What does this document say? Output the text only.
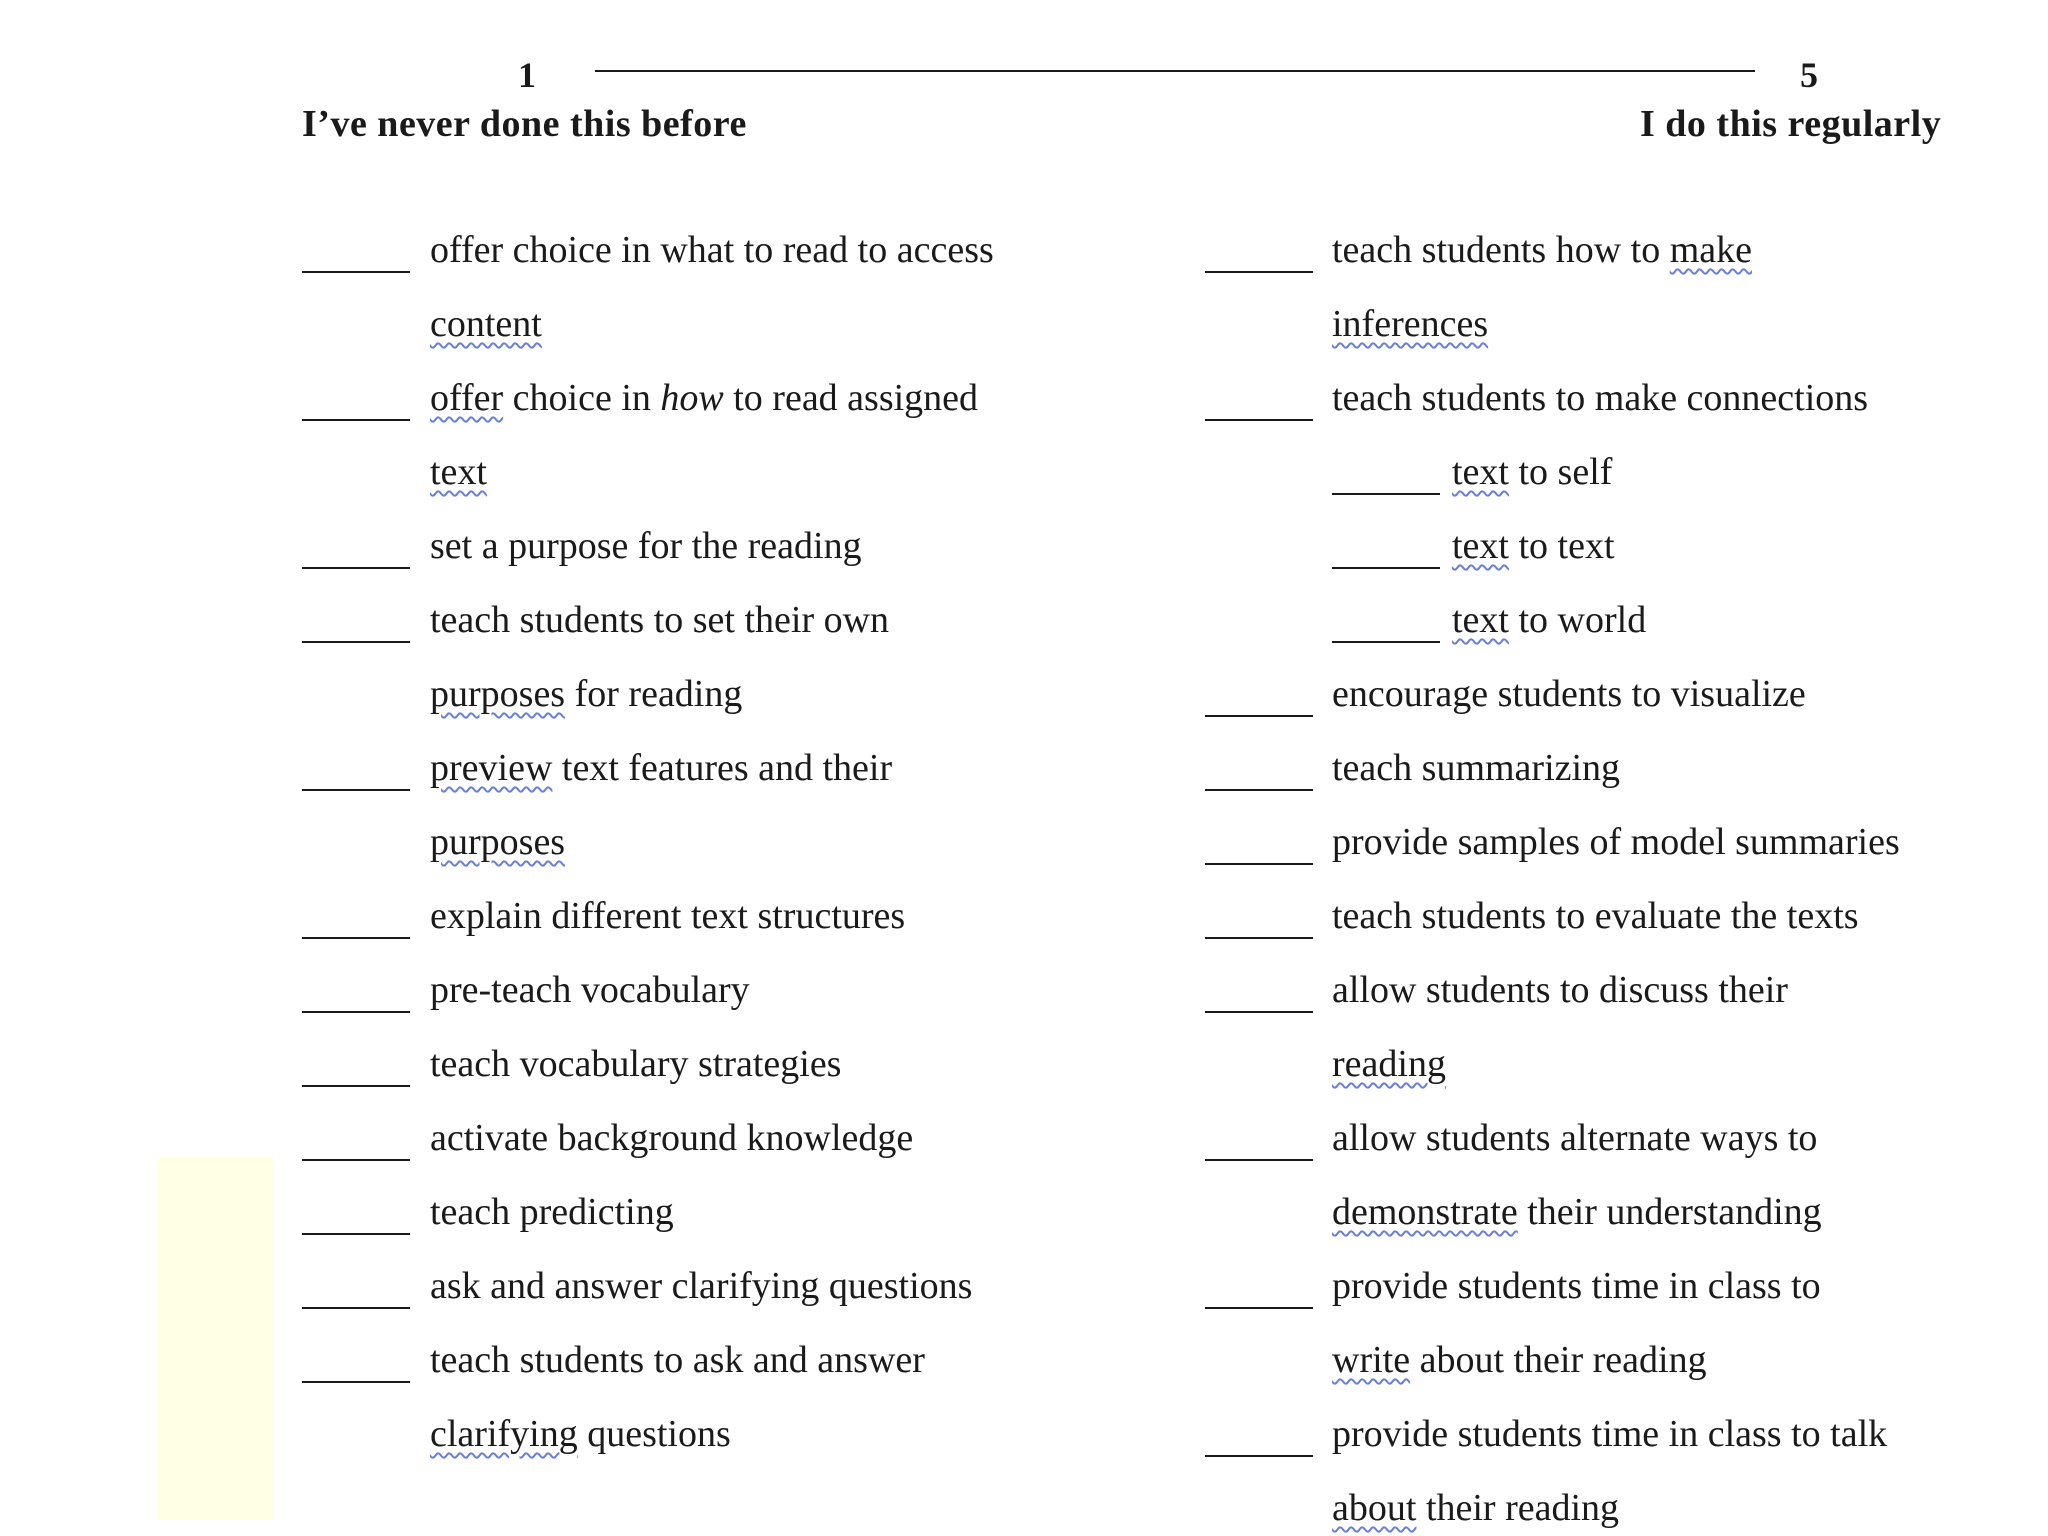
1	5
I’ve never done this before	I do this regularly
offer choice in what to read to access
content
offer choice in how to read assigned
text
set a purpose for the reading
teach students to set their own
purposes for reading
preview text features and their
purposes
explain different text structures
pre-teach vocabulary
teach vocabulary strategies
activate background knowledge
teach predicting
ask and answer clarifying questions
teach students to ask and answer
clarifying questions
teach students how to make
inferences
teach students to make connections
text to self
text to text
text to world
encourage students to visualize
teach summarizing
provide samples of model summaries
teach students to evaluate the texts
allow students to discuss their
reading
allow students alternate ways to
demonstrate their understanding
provide students time in class to
write about their reading
provide students time in class to talk
about their reading
